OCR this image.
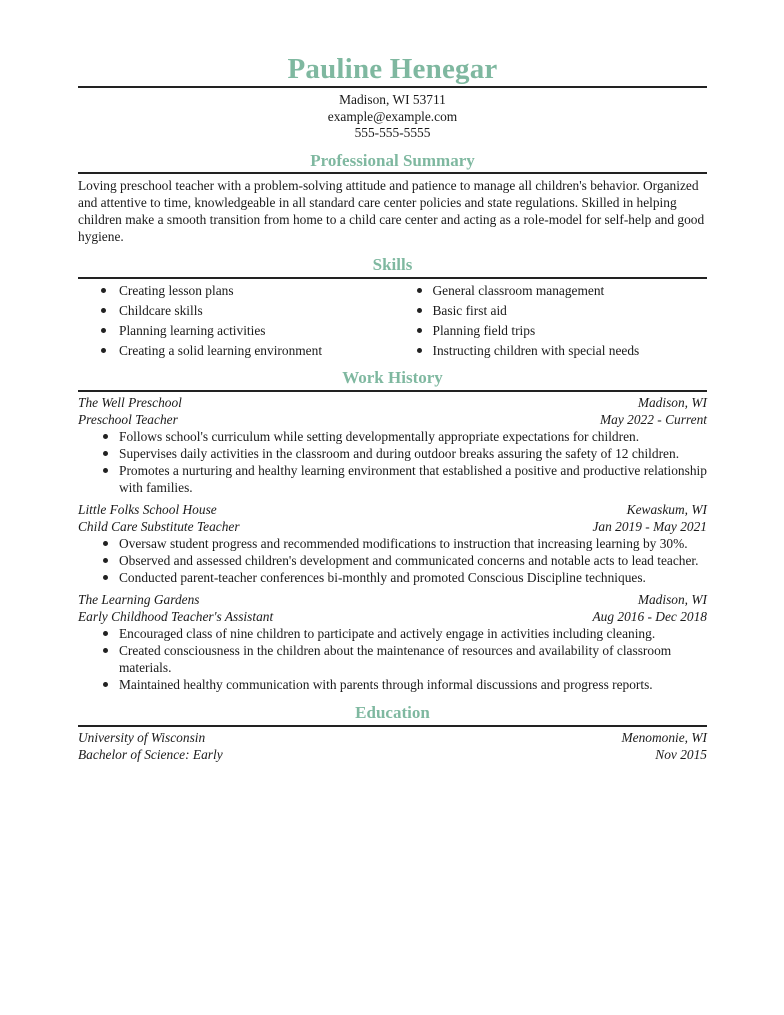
Pauline Henegar
Madison, WI 53711
example@example.com
555-555-5555
Professional Summary
Loving preschool teacher with a problem-solving attitude and patience to manage all children's behavior. Organized and attentive to time, knowledgeable in all standard care center policies and state regulations. Skilled in helping children make a smooth transition from home to a child care center and acting as a role-model for self-help and good hygiene.
Skills
Creating lesson plans
Childcare skills
Planning learning activities
Creating a solid learning environment
General classroom management
Basic first aid
Planning field trips
Instructing children with special needs
Work History
The Well Preschool	Madison, WI
Preschool Teacher	May 2022 - Current
Follows school's curriculum while setting developmentally appropriate expectations for children.
Supervises daily activities in the classroom and during outdoor breaks assuring the safety of 12 children.
Promotes a nurturing and healthy learning environment that established a positive and productive relationship with families.
Little Folks School House	Kewaskum, WI
Child Care Substitute Teacher	Jan 2019 - May 2021
Oversaw student progress and recommended modifications to instruction that increasing learning by 30%.
Observed and assessed children's development and communicated concerns and notable acts to lead teacher.
Conducted parent-teacher conferences bi-monthly and promoted Conscious Discipline techniques.
The Learning Gardens	Madison, WI
Early Childhood Teacher's Assistant	Aug 2016 - Dec 2018
Encouraged class of nine children to participate and actively engage in activities including cleaning.
Created consciousness in the children about the maintenance of resources and availability of classroom materials.
Maintained healthy communication with parents through informal discussions and progress reports.
Education
University of Wisconsin	Menomonie, WI
Bachelor of Science: Early	Nov 2015
